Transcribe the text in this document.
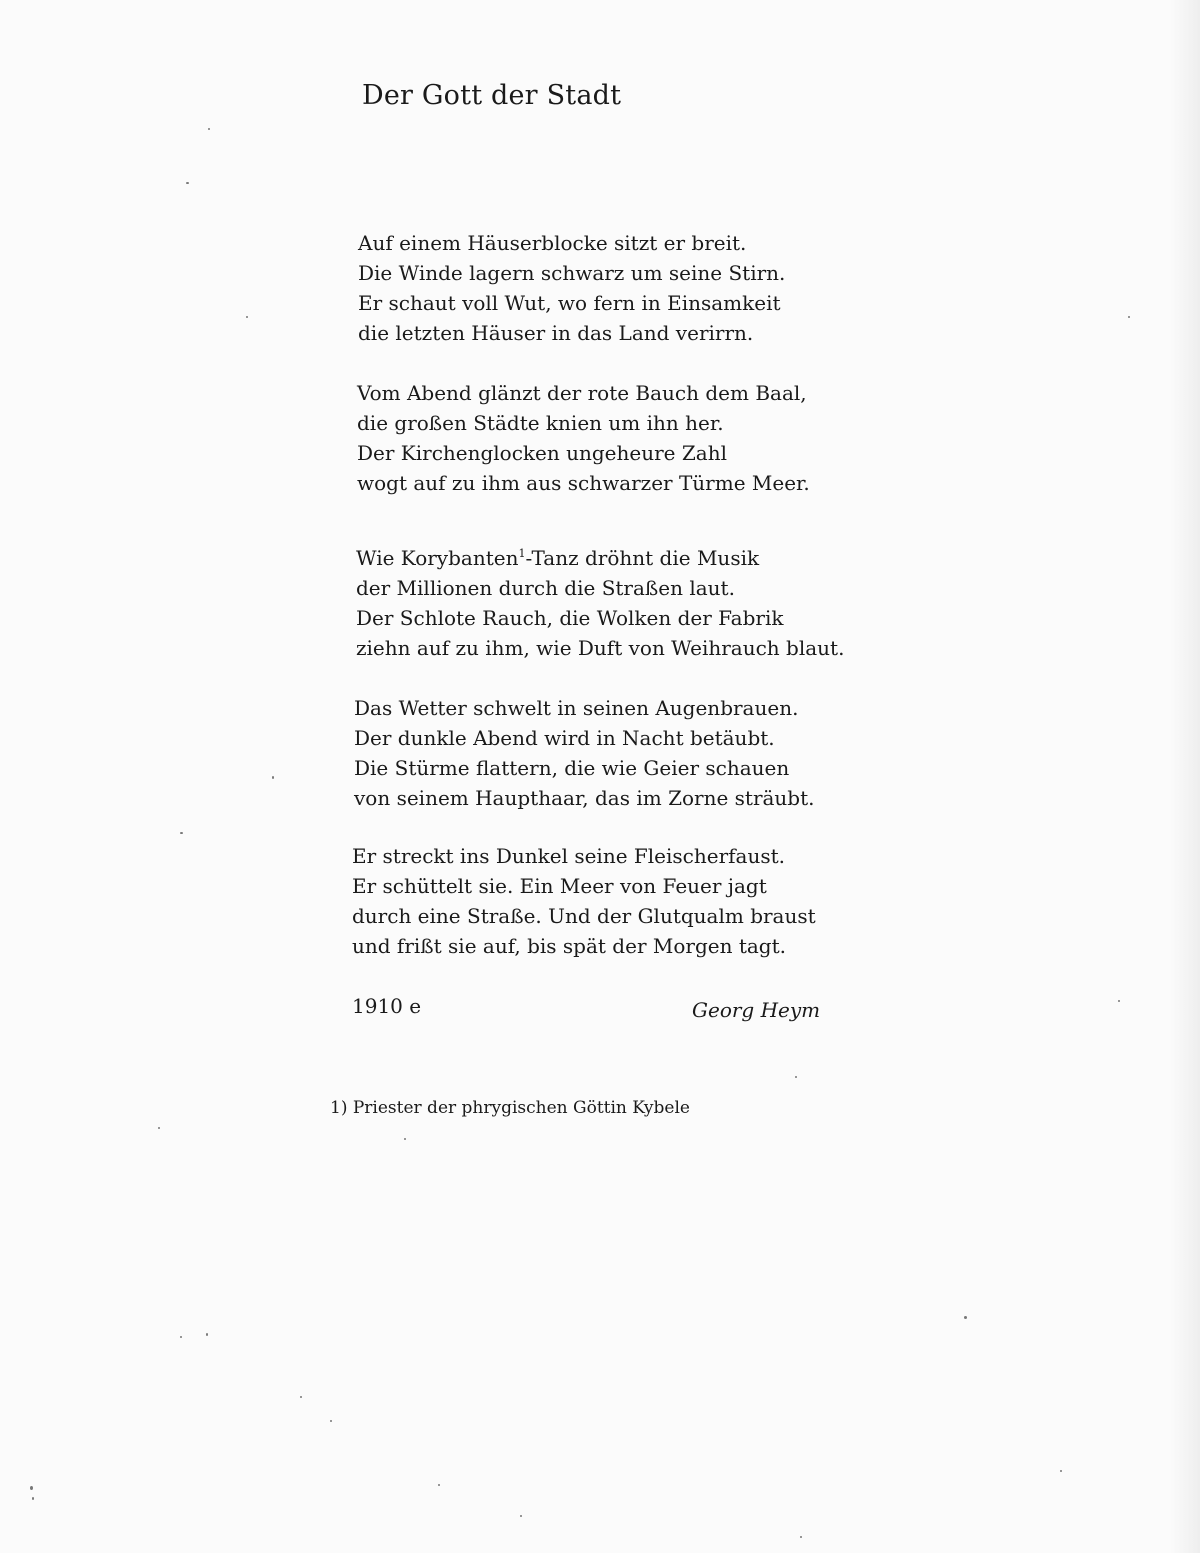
Der Gott der Stadt
Auf einem Häuserblocke sitzt er breit.
Die Winde lagern schwarz um seine Stirn.
Er schaut voll Wut, wo fern in Einsamkeit
die letzten Häuser in das Land verirrn.
Vom Abend glänzt der rote Bauch dem Baal,
die großen Städte knien um ihn her.
Der Kirchenglocken ungeheure Zahl
wogt auf zu ihm aus schwarzer Türme Meer.
Wie Korybanten$^1$-Tanz dröhnt die Musik
der Millionen durch die Straßen laut.
Der Schlote Rauch, die Wolken der Fabrik
ziehn auf zu ihm, wie Duft von Weihrauch blaut.
Das Wetter schwelt in seinen Augenbrauen.
Der dunkle Abend wird in Nacht betäubt.
Die Stürme flattern, die wie Geier schauen
von seinem Haupthaar, das im Zorne sträubt.
Er streckt ins Dunkel seine Fleischerfaust.
Er schüttelt sie. Ein Meer von Feuer jagt
durch eine Straße. Und der Glutqualm braust
und frißt sie auf, bis spät der Morgen tagt.
1910 e	Georg Heym
1) Priester der phrygischen Göttin Kybele
